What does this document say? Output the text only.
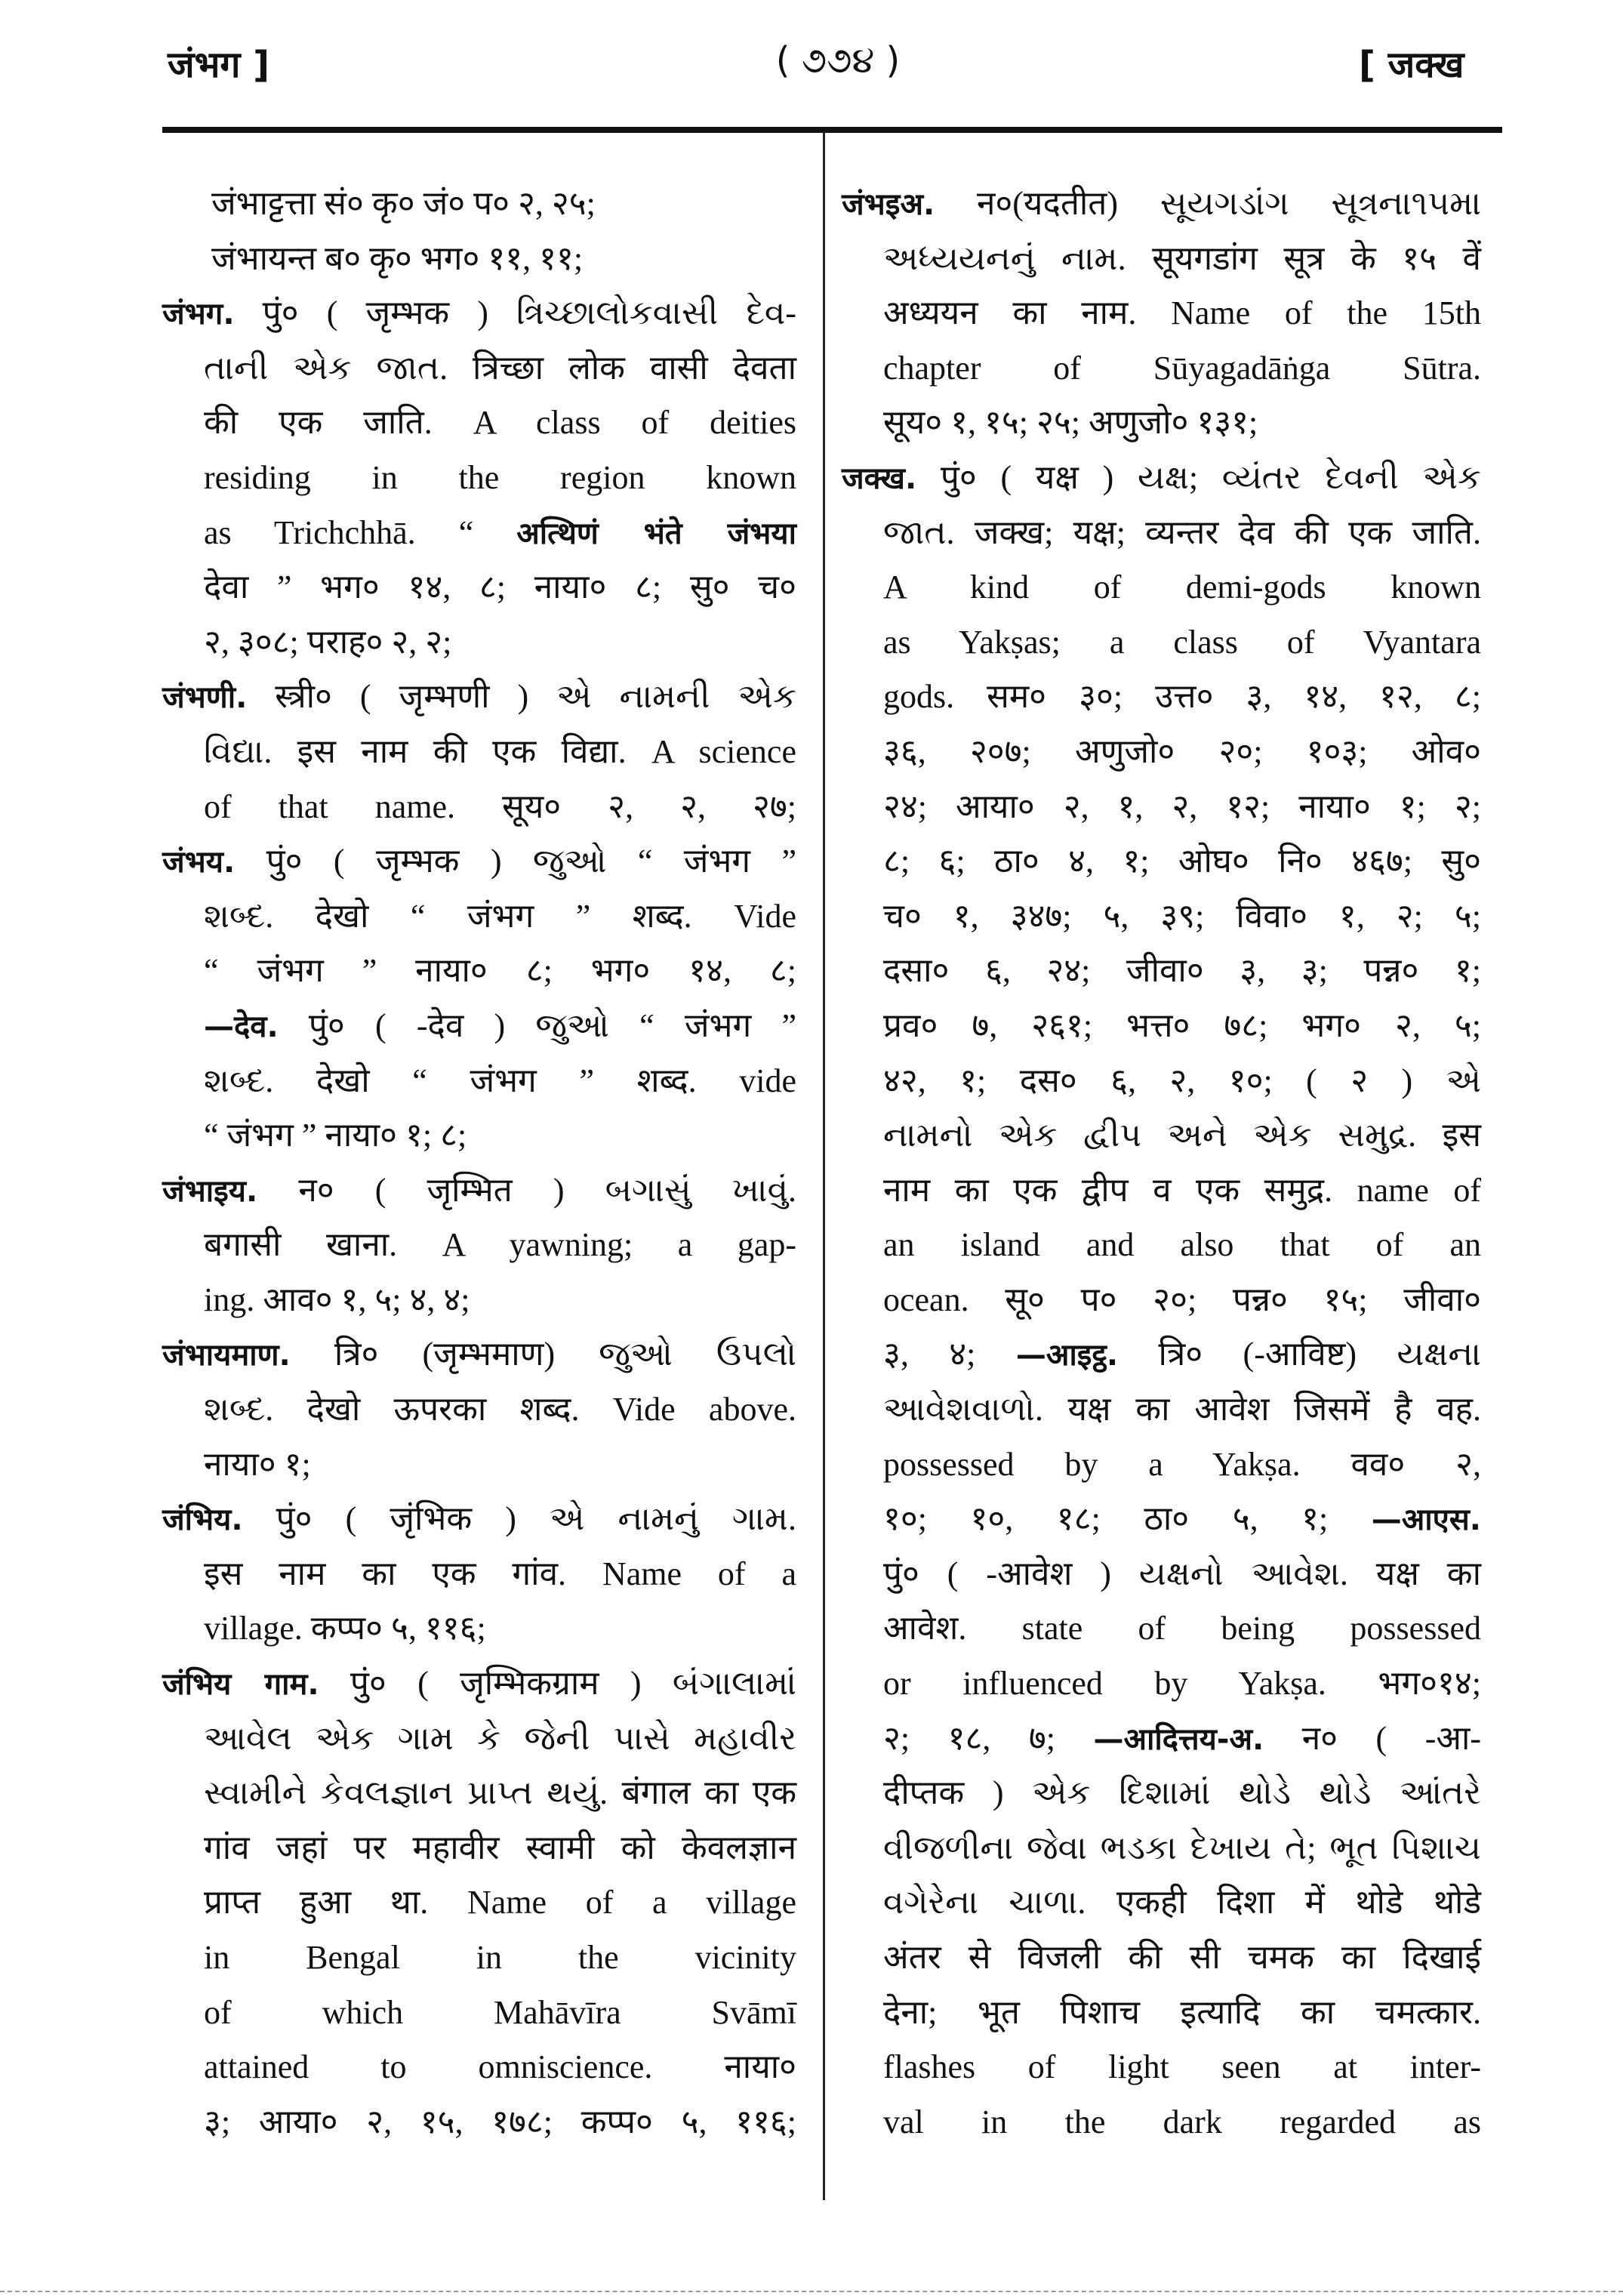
जंभग ]	( ૭૭૪ )	[ जक्ख
जंभाट्टत्ता सं० कृ० जं० प० २, २५;
जंभायन्त ब० कृ० भग० ११, ११;
जंभग. पुं० ( जृम्भक ) ત્રિચ્છાલોકવાસી દેવ-
તાની એક જાત. त्रिच्छा लोक वासी देवता
की एक जाति. A class of deities
residing in the region known
as Trichchhā. “ अत्थिणं भंते जंभया
देवा ” भग० १४, ८; नाया० ८; सु० च०
२, ३०८; पराह० २, २;
जंभणी. स्त्री० ( जृम्भणी ) એ નામની એક
વિદ્યા. इस नाम की एक विद्या. A science
of that name. सूय० २, २, २७;
जंभय. पुं० ( जृम्भक ) જુઓ “ जंभग ”
શબ્દ. देखो “ जंभग ” शब्द. Vide
“ जंभग ” नाया० ८; भग० १४, ८;
—देव. पुं० ( -देव ) જુઓ “ जंभग ”
શબ્દ. देखो “ जंभग ” शब्द. vide
“ जंभग ” नाया० १; ८;
जंभाइय. न० ( जृम्भित ) બગાસું ખાવું.
बगासी खाना. A yawning; a gap-
ing. आव० १, ५; ४, ४;
जंभायमाण. त्रि० (जृम्भमाण) જુઓ ઉપલો
શબ્દ. देखो ऊपरका शब्द. Vide above.
नाया० १;
जंभिय. पुं० ( जृंभिक ) એ નામનું ગામ.
इस नाम का एक गांव. Name of a
village. कप्प० ५, ११६;
जंभिय गाम. पुं० ( जृम्भिकग्राम ) બંગાલામાં
આવેલ એક ગામ કે જેની પાસે મહાવીર
સ્વામીને કેવલજ્ઞાન પ્રાપ્ત થયું. बंगाल का एक
गांव जहां पर महावीर स्वामी को केवलज्ञान
प्राप्त हुआ था. Name of a village
in Bengal in the vicinity
of which Mahāvīra Svāmī
attained to omniscience. नाया०
३; आया० २, १५, १७८; कप्प० ५, ११६;
जंभइअ. न०(यदतीत) સૂયગડાંગ સૂત્રના૧૫મા
અધ્યયનનું નામ. सूयगडांग सूत्र के १५ वें
अध्ययन का नाम. Name of the 15th
chapter of Sūyagadāṅga Sūtra.
सूय० १, १५; २५; अणुजो० १३१;
जक्ख. पुं० ( यक्ष ) યક્ષ; વ્યંતર દેવની એક
જાત. जक्ख; यक्ष; व्यन्तर देव की एक जाति.
A kind of demi-gods known
as Yakṣas; a class of Vyantara
gods. सम० ३०; उत्त० ३, १४, १२, ८;
३६, २०७; अणुजो० २०; १०३; ओव०
२४; आया० २, १, २, १२; नाया० १; २;
८; ६; ठा० ४, १; ओघ० नि० ४६७; सु०
च० १, ३४७; ५, ३९; विवा० १, २; ५;
दसा० ६, २४; जीवा० ३, ३; पन्न० १;
प्रव० ७, २६१; भत्त० ७८; भग० २, ५;
४२, १; दस० ६, २, १०; ( २ ) એ
નામનો એક દ્વીપ અને એક સમુદ્ર. इस
नाम का एक द्वीप व एक समुद्र. name of
an island and also that of an
ocean. सू० प० २०; पन्न० १५; जीवा०
३, ४; —आइट्ठ. त्रि० (-आविष्ट) યક્ષના
આવેશવાળો. यक्ष का आवेश जिसमें है वह.
possessed by a Yakṣa. वव० २,
१०; १०, १८; ठा० ५, १; —आएस.
पुं० ( -आवेश ) યક્ષનો આવેશ. यक्ष का
आवेश. state of being possessed
or influenced by Yakṣa. भग०१४;
२; १८, ७; —आदित्तय-अ. न० ( -आ-
दीप्तक ) એક દિશામાં થોડે થોડે આંતરે
વીજળીના જેવા ભડકા દેખાય તે; ભૂત પિશાચ
વગેરેના ચાળા. एकही दिशा में थोडे थोडे
अंतर से विजली की सी चमक का दिखाई
देना; भूत पिशाच इत्यादि का चमत्कार.
flashes of light seen at inter-
val in the dark regarded as
